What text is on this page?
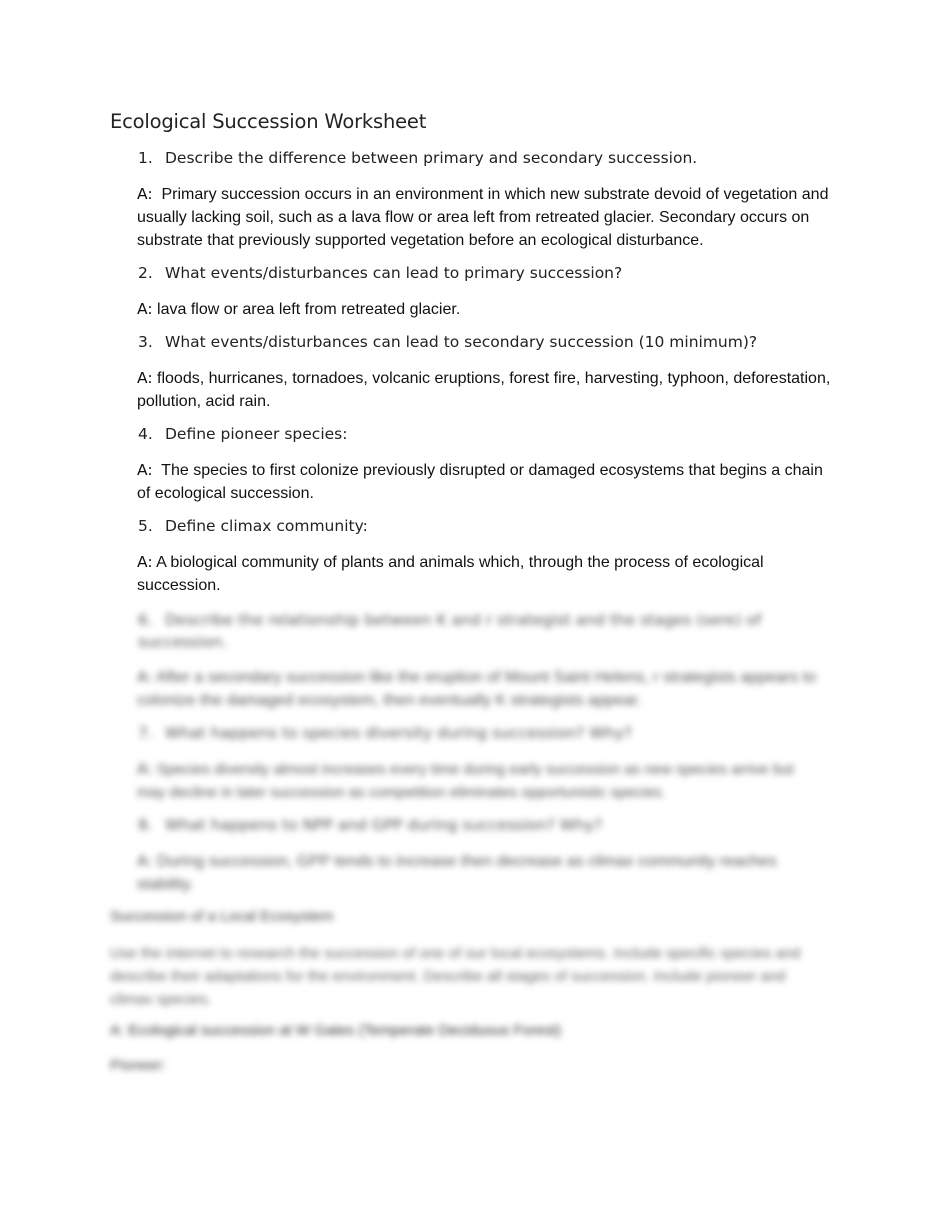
Ecological Succession Worksheet
1. Describe the difference between primary and secondary succession.
A: Primary succession occurs in an environment in which new substrate devoid of vegetation and usually lacking soil, such as a lava flow or area left from retreated glacier. Secondary occurs on substrate that previously supported vegetation before an ecological disturbance.
2. What events/disturbances can lead to primary succession?
A: lava flow or area left from retreated glacier.
3. What events/disturbances can lead to secondary succession (10 minimum)?
A: floods, hurricanes, tornadoes, volcanic eruptions, forest fire, harvesting, typhoon, deforestation, pollution, acid rain.
4. Define pioneer species:
A: The species to first colonize previously disrupted or damaged ecosystems that begins a chain of ecological succession.
5. Define climax community:
A: A biological community of plants and animals which, through the process of ecological succession.
6. Describe the relationship between K and r strategist and the stages (sere) of succession.
A: After a secondary succession like the eruption of Mount Saint Helens, r strategists appears to colonize the damaged ecosystem, then eventually K strategists appear.
7. What happens to species diversity during succession? Why?
A: Species diversity almost increases every time during early succession as new species arrive but may decline in later succession as competition eliminates opportunistic species.
8. What happens to NPP and GPP during succession? Why?
A: During succession, GPP tends to increase then decrease as climax community reaches stability.
Succession of a Local Ecosystem
Use the internet to research the succession of one of our local ecosystems. Include specific species and describe their adaptations for the environment. Describe all stages of succession. Include pioneer and climax species.
A: Ecological succession at W Gates (Temperate Deciduous Forest)
Pioneer:
